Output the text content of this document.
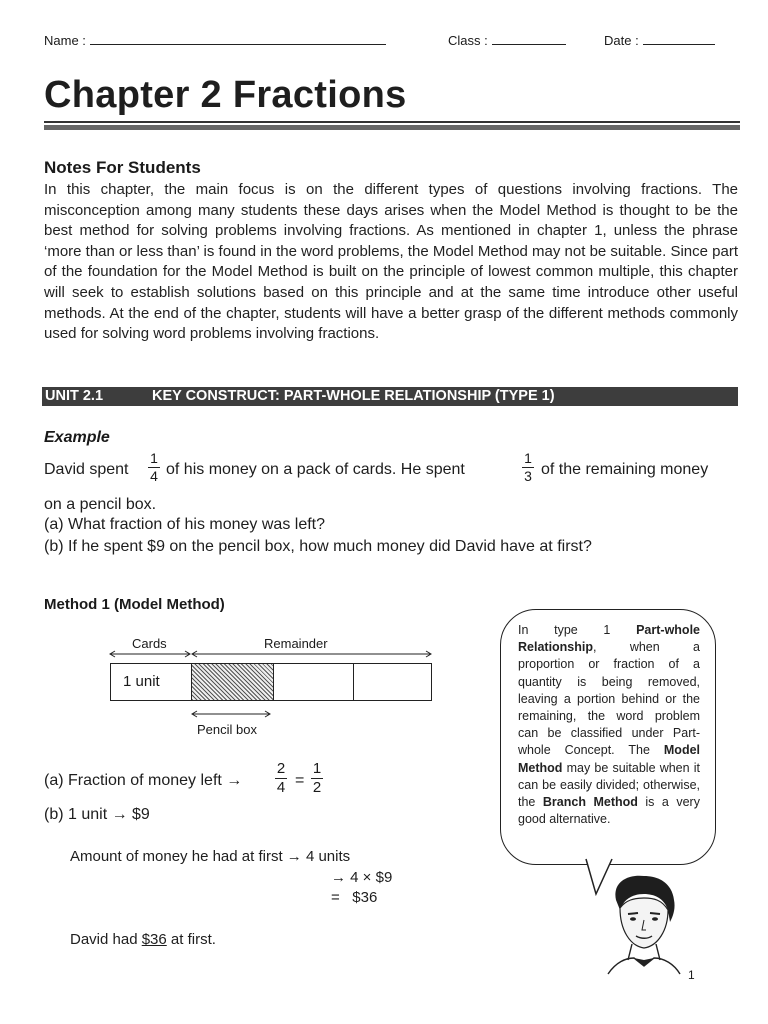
Name :	Class :	Date :
Chapter 2 Fractions
Notes For Students
In this chapter, the main focus is on the different types of questions involving fractions. The misconception among many students these days arises when the Model Method is thought to be the best method for solving problems involving fractions. As mentioned in chapter 1, unless the phrase ‘more than or less than’ is found in the word problems, the Model Method may not be suitable. Since part of the foundation for the Model Method is built on the principle of lowest common multiple, this chapter will seek to establish solutions based on this principle and at the same time introduce other useful methods. At the end of the chapter, students will have a better grasp of the different methods commonly used for solving word problems involving fractions.
UNIT 2.1	KEY CONSTRUCT: PART-WHOLE RELATIONSHIP (TYPE 1)
Example
David spent
1
4 of his money on a pack of cards. He spent
1
3 of the remaining money
on a pencil box.
(a) What fraction of his money was left?
(b) If he spent $9 on the pencil box, how much money did David have at first?
Method 1 (Model Method)
Cards	Remainder
1 unit
Pencil box
(a) Fraction of money left →
2
4 =
1
2
(b) 1 unit → $9
Amount of money he had at first → 4 units
→ 4 × $9
=   $36
David had $36 at first.
In type 1 Part-whole Relationship, when a proportion or fraction of a quantity is being removed, leaving a portion behind or the remaining, the word problem can be classified under Part-whole Concept. The Model Method may be suitable when it can be easily divided; otherwise, the Branch Method is a very good alternative.
1
